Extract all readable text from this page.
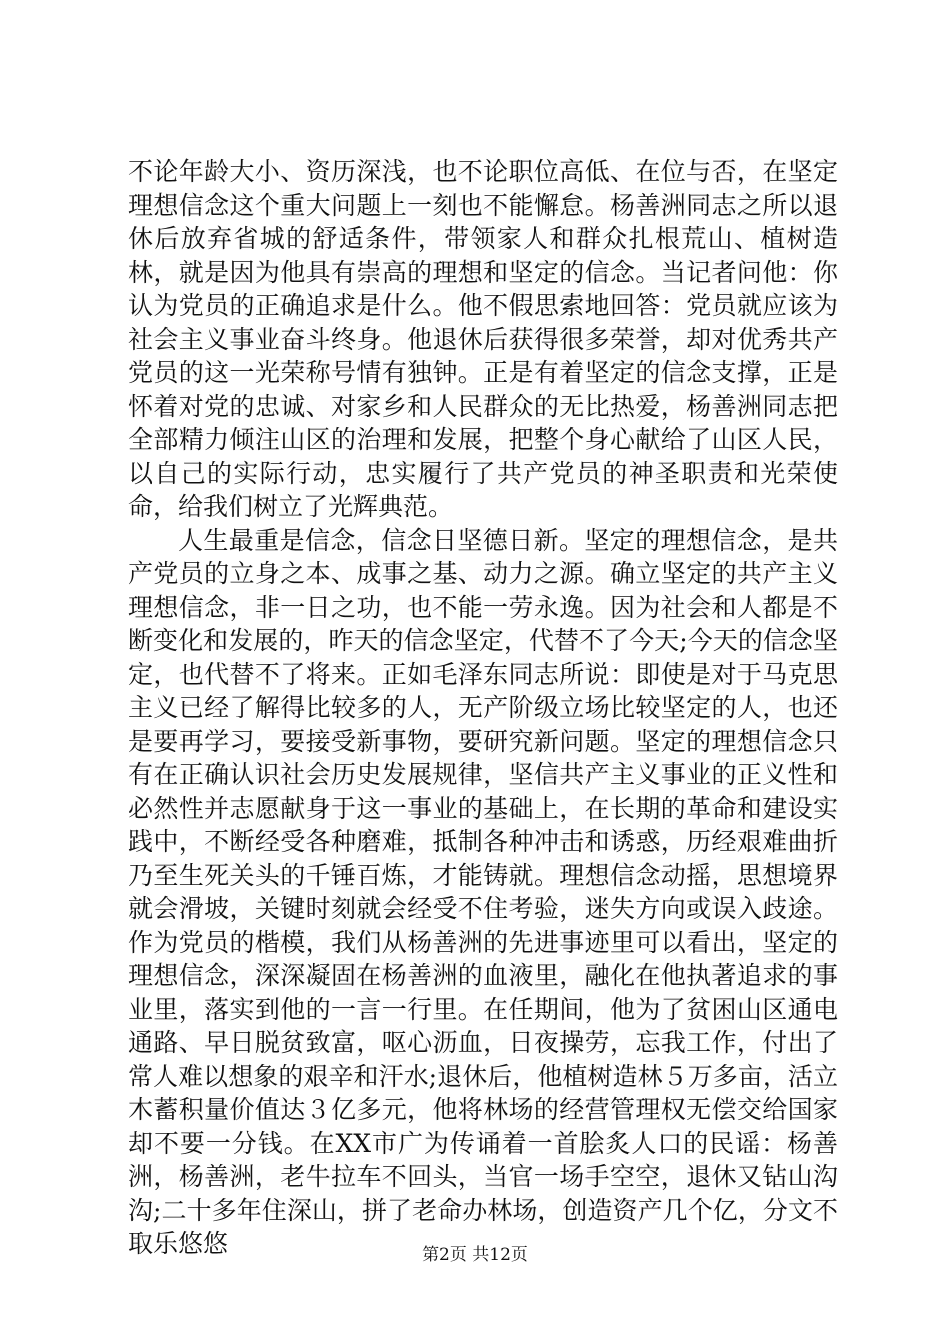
不论年龄大小、资历深浅，也不论职位高低、在位与否，在坚定理想信念这个重大问题上一刻也不能懈怠。杨善洲同志之所以退休后放弃省城的舒适条件，带领家人和群众扎根荒山、植树造林，就是因为他具有崇高的理想和坚定的信念。当记者问他：你认为党员的正确追求是什么。他不假思索地回答：党员就应该为社会主义事业奋斗终身。他退休后获得很多荣誉，却对优秀共产党员的这一光荣称号情有独钟。正是有着坚定的信念支撑，正是怀着对党的忠诚、对家乡和人民群众的无比热爱，杨善洲同志把全部精力倾注山区的治理和发展，把整个身心献给了山区人民，以自己的实际行动，忠实履行了共产党员的神圣职责和光荣使命，给我们树立了光辉典范。

人生最重是信念，信念日坚德日新。坚定的理想信念，是共产党员的立身之本、成事之基、动力之源。确立坚定的共产主义理想信念，非一日之功，也不能一劳永逸。因为社会和人都是不断变化和发展的，昨天的信念坚定，代替不了今天;今天的信念坚定，也代替不了将来。正如毛泽东同志所说：即使是对于马克思主义已经了解得比较多的人，无产阶级立场比较坚定的人，也还是要再学习，要接受新事物，要研究新问题。坚定的理想信念只有在正确认识社会历史发展规律，坚信共产主义事业的正义性和必然性并志愿献身于这一事业的基础上，在长期的革命和建设实践中，不断经受各种磨难，抵制各种冲击和诱惑，历经艰难曲折乃至生死关头的千锤百炼，才能铸就。理想信念动摇，思想境界就会滑坡，关键时刻就会经受不住考验，迷失方向或误入歧途。作为党员的楷模，我们从杨善洲的先进事迹里可以看出，坚定的理想信念，深深凝固在杨善洲的血液里，融化在他执著追求的事业里，落实到他的一言一行里。在任期间，他为了贫困山区通电通路、早日脱贫致富，呕心沥血，日夜操劳，忘我工作，付出了常人难以想象的艰辛和汗水;退休后，他植树造林５万多亩，活立木蓄积量价值达３亿多元，他将林场的经营管理权无偿交给国家却不要一分钱。在XX市广为传诵着一首脍炙人口的民谣：杨善洲，杨善洲，老牛拉车不回头，当官一场手空空，退休又钻山沟沟;二十多年住深山，拼了老命办林场，创造资产几个亿，分文不取乐悠悠	第2页 共12页
